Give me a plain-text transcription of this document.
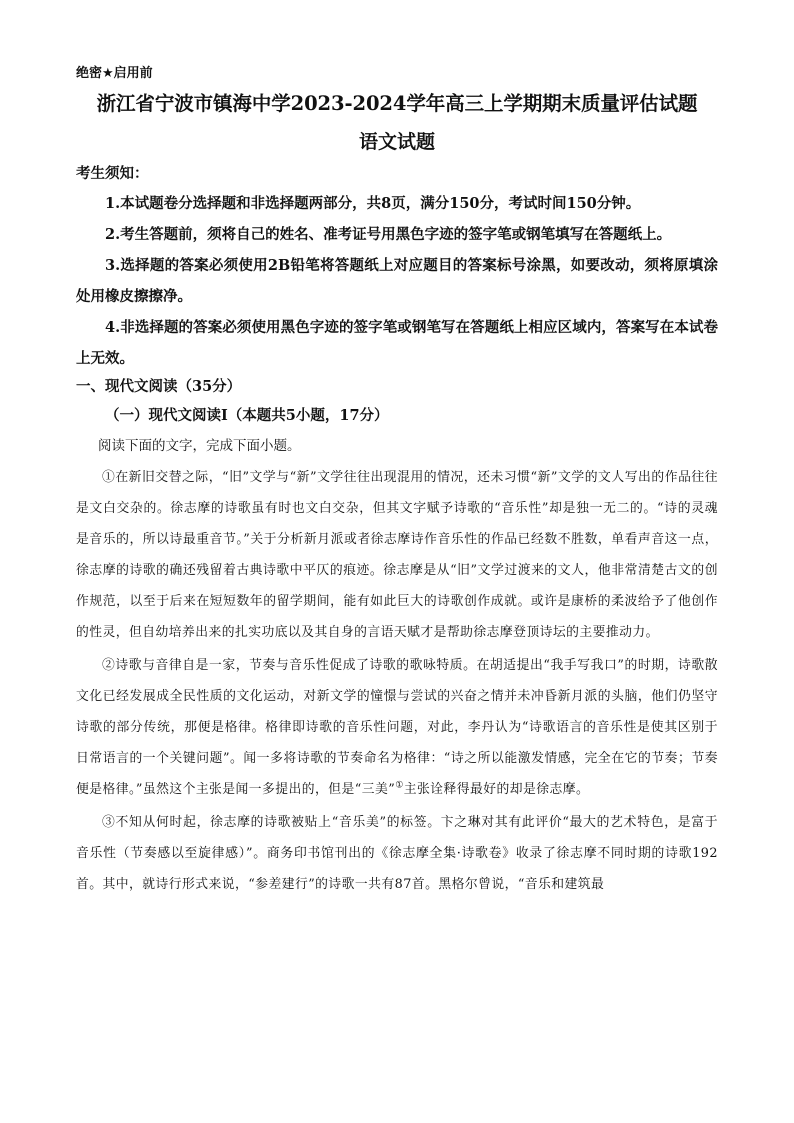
绝密★启用前

浙江省宁波市镇海中学2023-2024学年高三上学期期末质量评估试题
语文试题

考生须知：

1.本试题卷分选择题和非选择题两部分，共8页，满分150分，考试时间150分钟。

2.考生答题前，须将自己的姓名、准考证号用黑色字迹的签字笔或钢笔填写在答题纸上。

3.选择题的答案必须使用2B铅笔将答题纸上对应题目的答案标号涂黑，如要改动，须将原填涂处用橡皮擦擦净。

4.非选择题的答案必须使用黑色字迹的签字笔或钢笔写在答题纸上相应区域内，答案写在本试卷上无效。

一、现代文阅读（35分）

（一）现代文阅读Ⅰ（本题共5小题，17分）

阅读下面的文字，完成下面小题。

①在新旧交替之际，“旧”文学与“新”文学往往出现混用的情况，还未习惯“新”文学的文人写出的作品往往是文白交杂的。徐志摩的诗歌虽有时也文白交杂，但其文字赋予诗歌的“音乐性”却是独一无二的。“诗的灵魂是音乐的，所以诗最重音节。”关于分析新月派或者徐志摩诗作音乐性的作品已经数不胜数，单看声音这一点，徐志摩的诗歌的确还残留着古典诗歌中平仄的痕迹。徐志摩是从“旧”文学过渡来的文人，他非常清楚古文的创作规范，以至于后来在短短数年的留学期间，能有如此巨大的诗歌创作成就。或许是康桥的柔波给予了他创作的性灵，但自幼培养出来的扎实功底以及其自身的言语天赋才是帮助徐志摩登顶诗坛的主要推动力。

②诗歌与音律自是一家，节奏与音乐性促成了诗歌的歌咏特质。在胡适提出“我手写我口”的时期，诗歌散文化已经发展成全民性质的文化运动，对新文学的憧憬与尝试的兴奋之情并未冲昏新月派的头脑，他们仍坚守诗歌的部分传统，那便是格律。格律即诗歌的音乐性问题，对此，李丹认为“诗歌语言的音乐性是使其区别于日常语言的一个关键问题”。闻一多将诗歌的节奏命名为格律：“诗之所以能激发情感，完全在它的节奏；节奏便是格律。”虽然这个主张是闻一多提出的，但是“三美”①主张诠释得最好的却是徐志摩。

③不知从何时起，徐志摩的诗歌被贴上“音乐美”的标签。卞之琳对其有此评价“最大的艺术特色，是富于音乐性（节奏感以至旋律感）”。商务印书馆刊出的《徐志摩全集·诗歌卷》收录了徐志摩不同时期的诗歌192首。其中，就诗行形式来说，“参差建行”的诗歌一共有87首。黑格尔曾说，“音乐和建筑最
